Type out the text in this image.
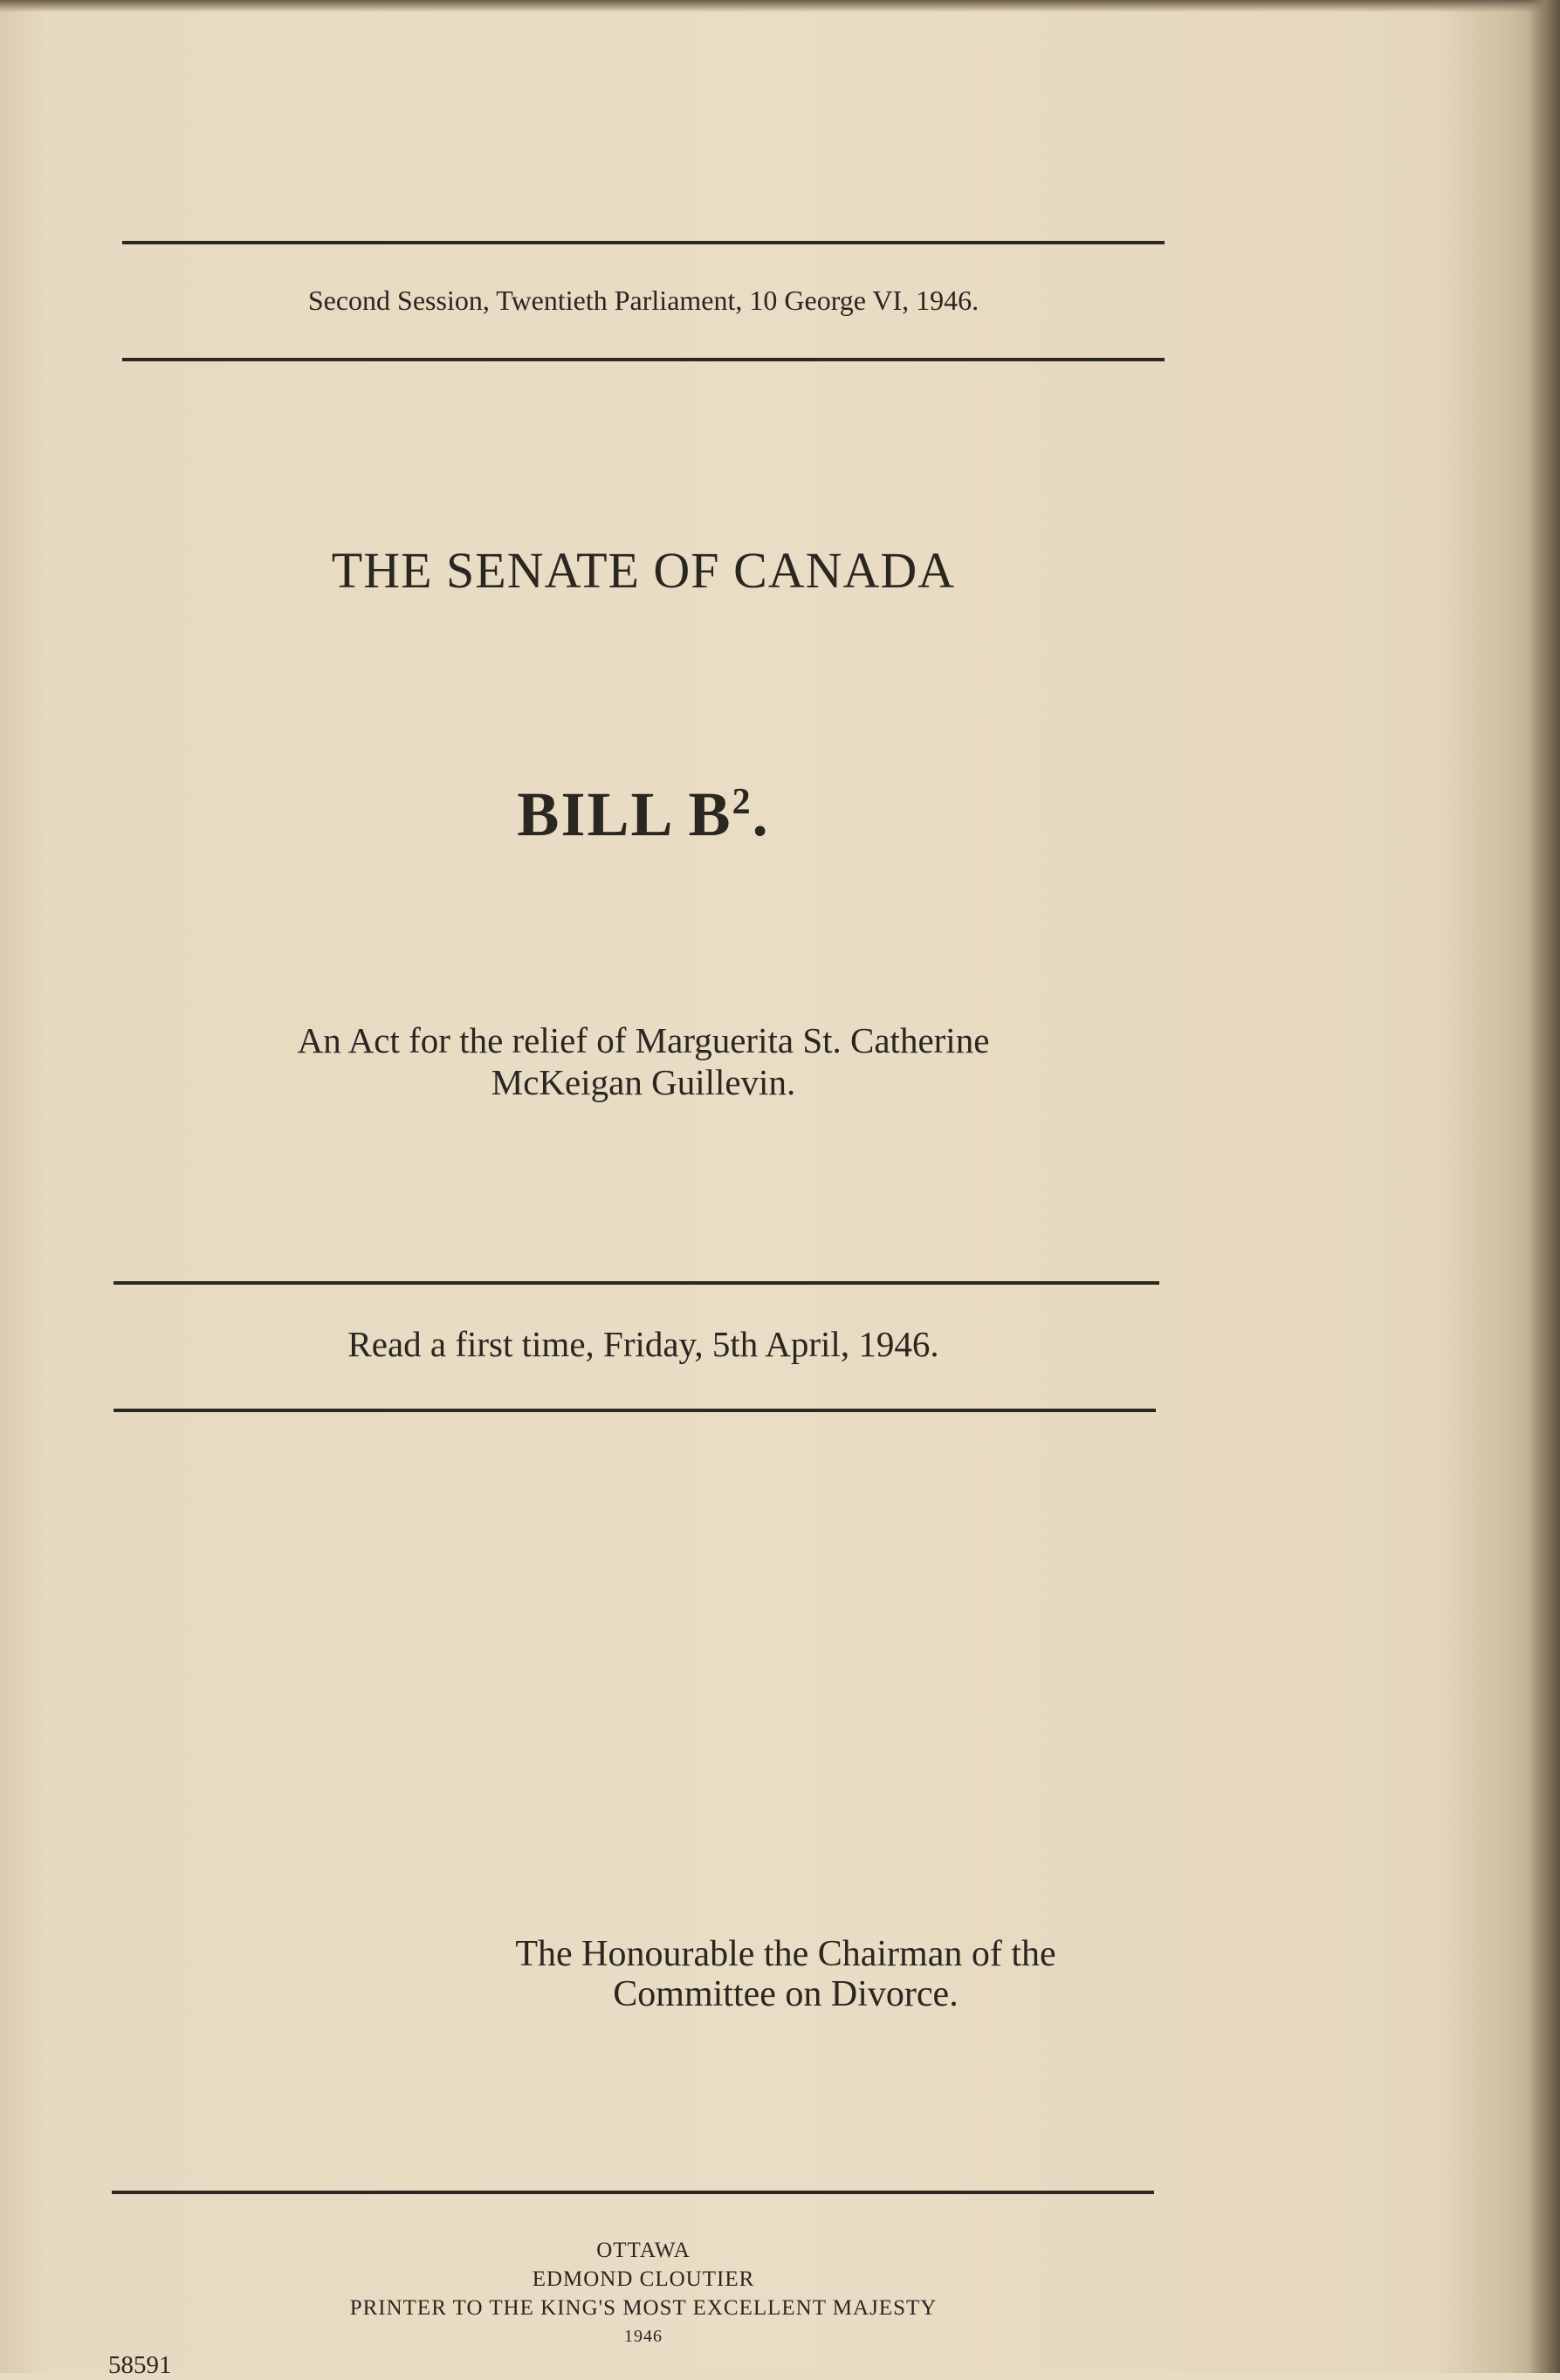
Second Session, Twentieth Parliament, 10 George VI, 1946.
THE SENATE OF CANADA
BILL $B^2$.
An Act for the relief of Marguerita St. Catherine
McKeigan Guillevin.
Read a first time, Friday, 5th April, 1946.
The Honourable the Chairman of the
Committee on Divorce.
OTTAWA
EDMOND CLOUTIER
PRINTER TO THE KING'S MOST EXCELLENT MAJESTY
1946
58591
